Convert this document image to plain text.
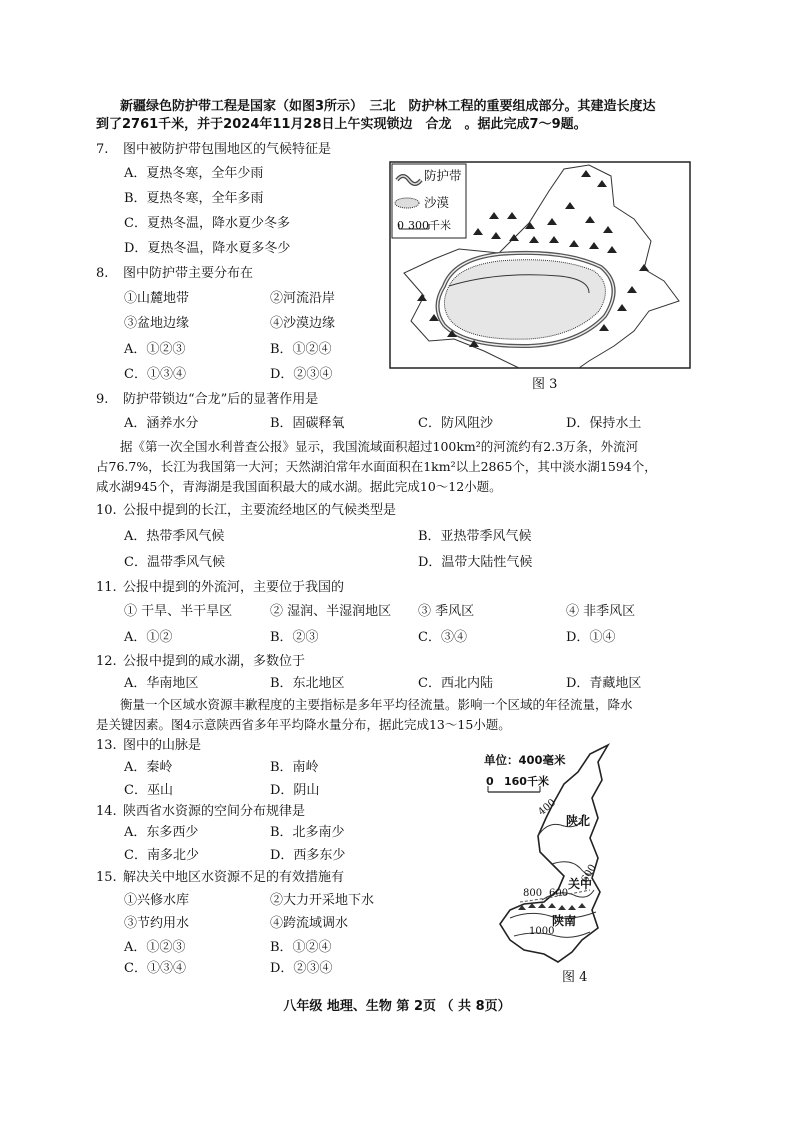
新疆绿色防护带工程是国家（如图3所示）　三北　防护林工程的重要组成部分。其建造长度达
到了2761千米，并于2024年11月28日上午实现锁边　合龙　。据此完成7～9题。
7. 图中被防护带包围地区的气候特征是
A．夏热冬寒，全年少雨
B．夏热冬寒，全年多雨
C．夏热冬温，降水夏少冬多
D．夏热冬温，降水夏多冬少
8. 图中防护带主要分布在
①山麓地带	②河流沿岸
③盆地边缘	④沙漠边缘
A．①②③	B．①②④
C．①③④	D．②③④
防护带
沙漠
0 300千米
图 3
9. 防护带锁边“合龙”后的显著作用是
A．涵养水分	B．固碳释氧	C．防风阻沙	D．保持水土
据《第一次全国水利普查公报》显示，我国流域面积超过100km²的河流约有2.3万条，外流河
占76.7%，长江为我国第一大河；天然湖泊常年水面面积在1km²以上2865个，其中淡水湖1594个，
咸水湖945个，青海湖是我国面积最大的咸水湖。据此完成10～12小题。
10. 公报中提到的长江，主要流经地区的气候类型是
A．热带季风气候	B．亚热带季风气候
C．温带季风气候	D．温带大陆性气候
11. 公报中提到的外流河，主要位于我国的
① 干旱、半干旱区	② 湿润、半湿润地区 ③ 季风区	④ 非季风区
A．①②	B．②③	C．③④	D．①④
12. 公报中提到的咸水湖，多数位于
A．华南地区	B．东北地区	C．西北内陆	D．青藏地区
衡量一个区域水资源丰歉程度的主要指标是多年平均径流量。影响一个区域的年径流量，降水
是关键因素。图4示意陕西省多年平均降水量分布，据此完成13～15小题。
13. 图中的山脉是
A．秦岭	B．南岭
C．巫山	D．阴山
14. 陕西省水资源的空间分布规律是
A．东多西少	B．北多南少
C．南多北少	D．西多东少
15. 解决关中地区水资源不足的有效措施有
①兴修水库	②大力开采地下水
③节约用水	④跨流域调水
A．①②③	B．①②④
C．①③④	D．②③④
单位：400毫米
0 160千米
400
陕北
600
600
关中
800
陕南
1000
图 4
八年级 地理、生物 第 2页 （ 共 8页）
